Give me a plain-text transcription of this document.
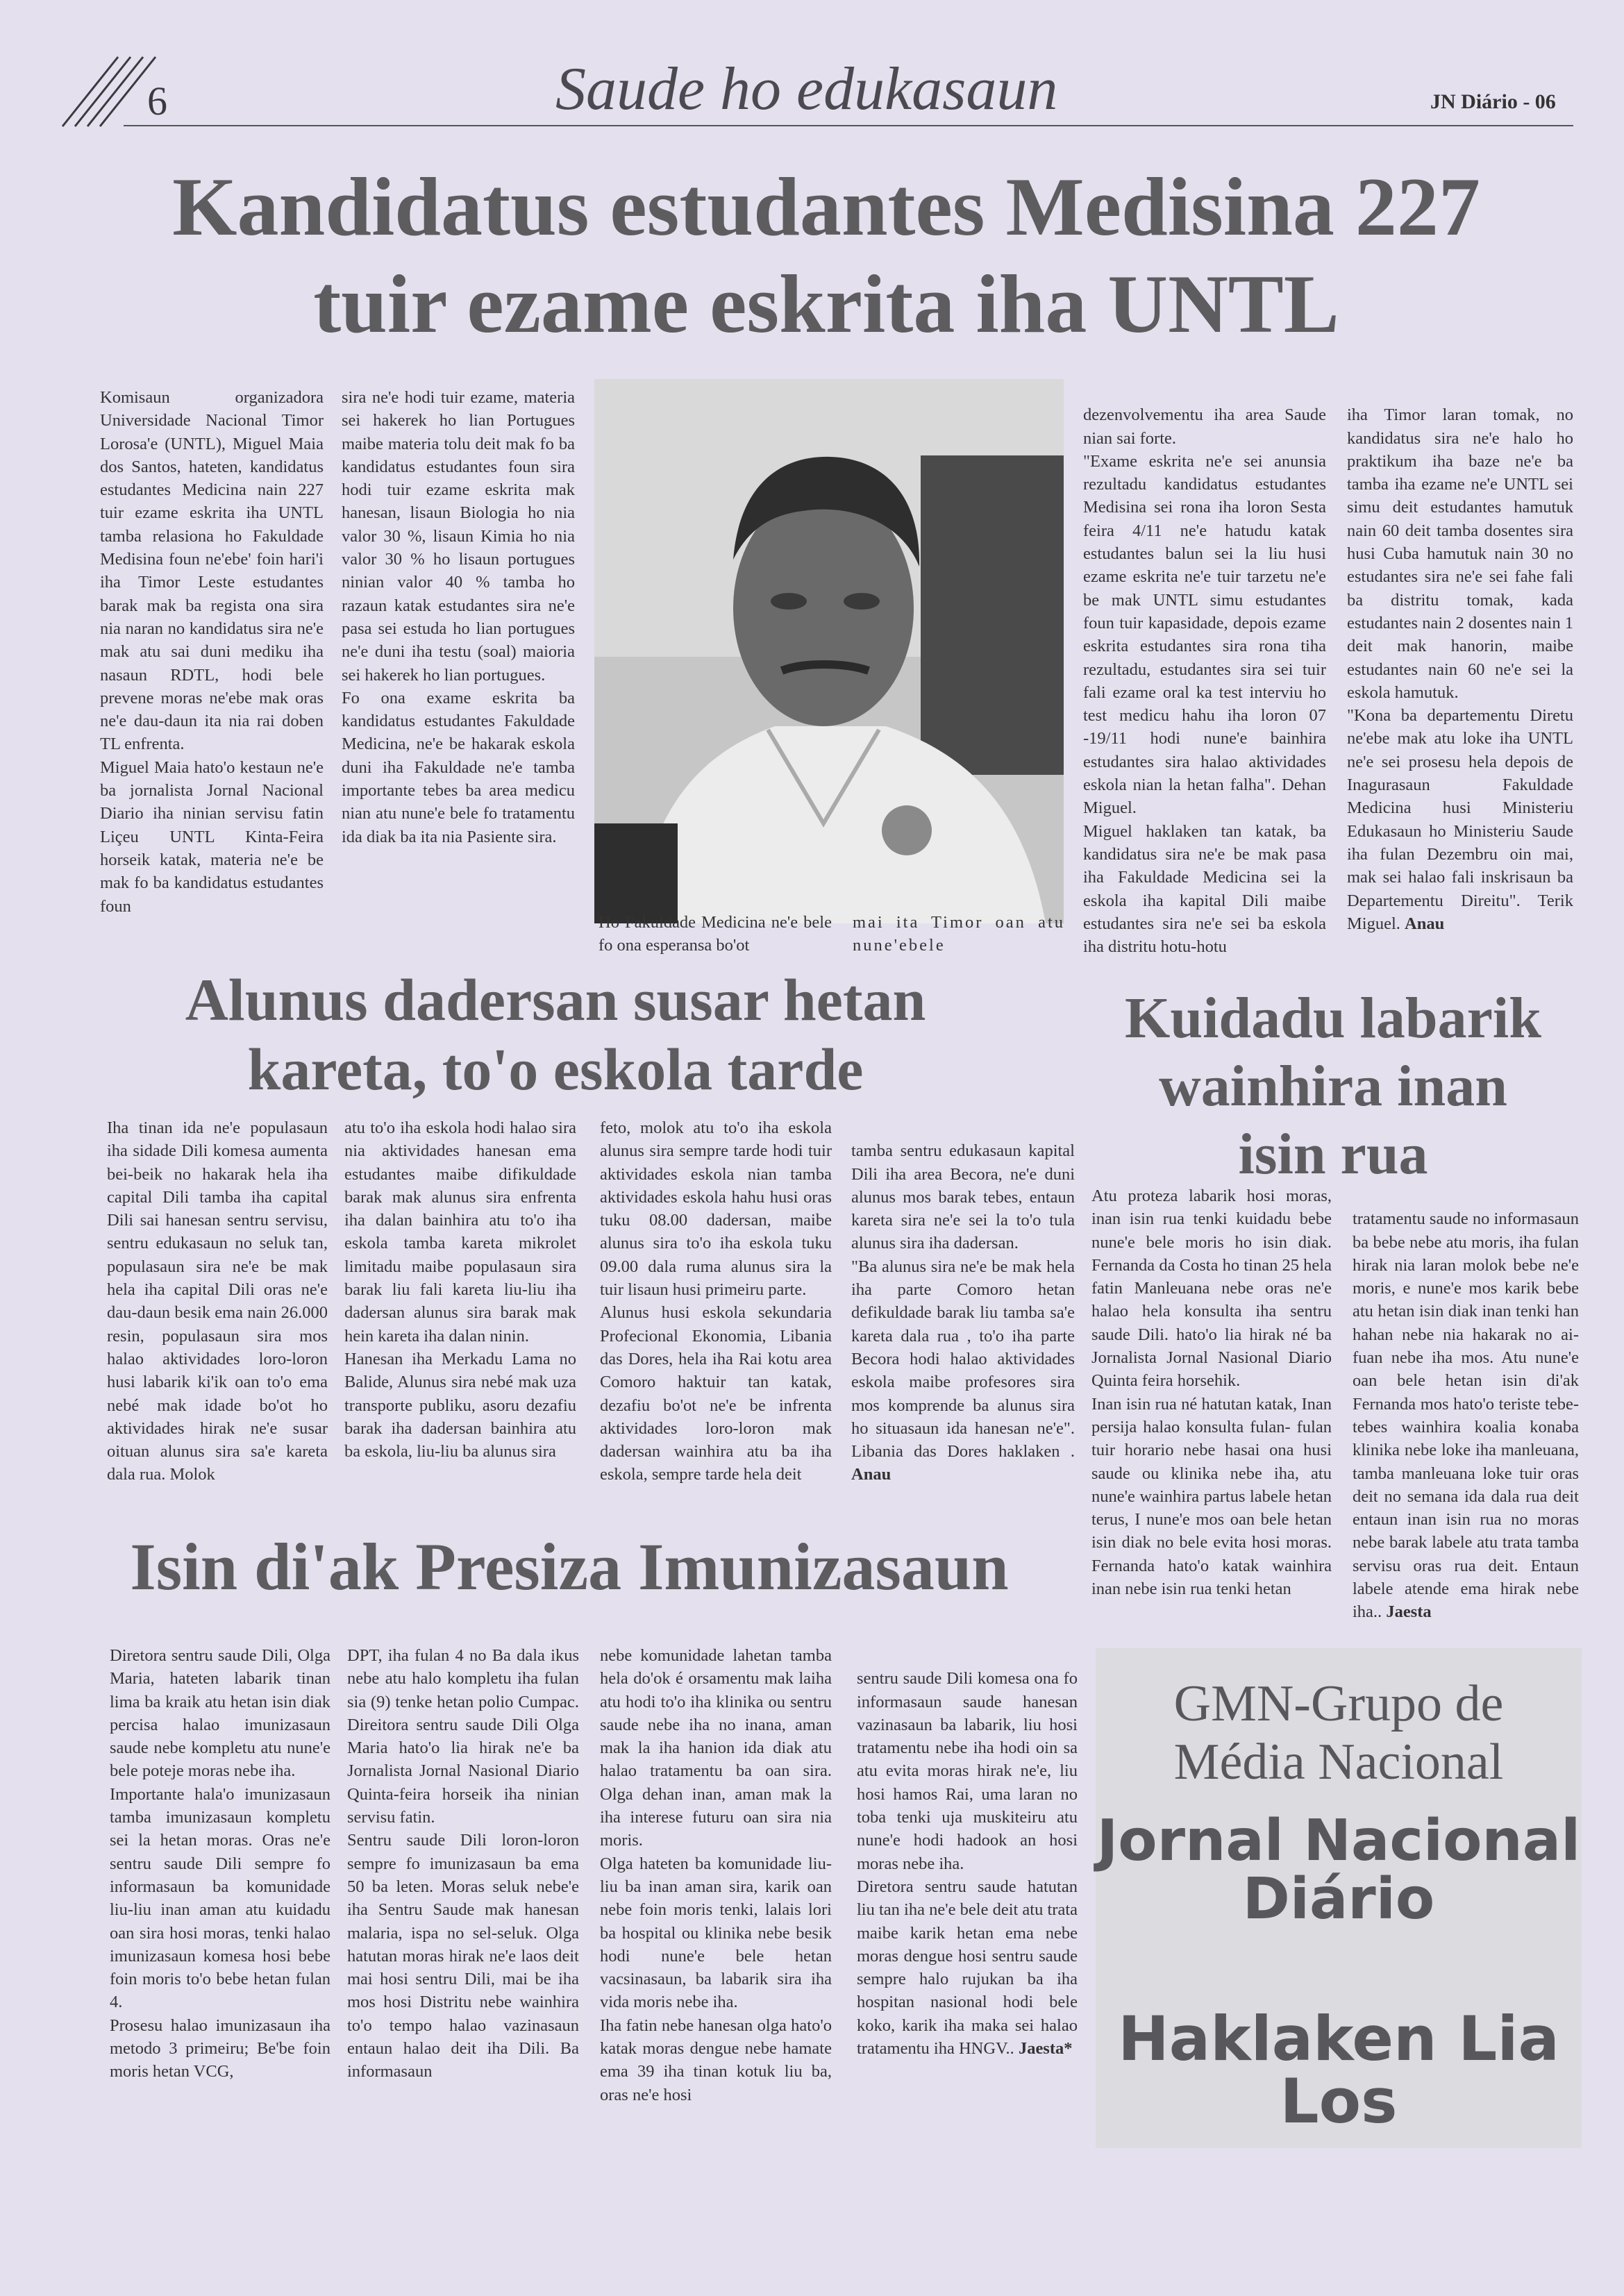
6	Saude ho edukasaun	JN Diário - 06
Kandidatus estudantes Medisina 227
tuir ezame eskrita iha UNTL
Komisaun organizadora Universidade Nacional Timor Lorosa'e (UNTL), Miguel Maia dos Santos, hateten, kandidatus estudantes Medicina nain 227 tuir ezame eskrita iha UNTL tamba relasiona ho Fakuldade Medisina foun ne'ebe' foin hari'i iha Timor Leste estudantes barak mak ba regista ona sira nia naran no kandidatus sira ne'e mak atu sai duni mediku iha nasaun RDTL, hodi bele prevene moras ne'ebe mak oras ne'e dau-daun ita nia rai doben TL enfrenta.
Miguel Maia hato'o kestaun ne'e ba jornalista Jornal Nacional Diario iha ninian servisu fatin Liçeu UNTL Kinta-Feira horseik katak, materia ne'e be mak fo ba kandidatus estudantes foun
sira ne'e hodi tuir ezame, materia sei hakerek ho lian Portugues maibe materia tolu deit mak fo ba kandidatus estudantes foun sira hodi tuir ezame eskrita mak hanesan, lisaun Biologia ho nia valor 30 %, lisaun Kimia ho nia valor 30 % ho lisaun portugues ninian valor 40 % tamba ho razaun katak estudantes sira ne'e pasa sei estuda ho lian portugues ne'e duni iha testu (soal) maioria sei hakerek ho lian portugues.
Fo ona exame eskrita ba kandidatus estudantes Fakuldade Medicina, ne'e be hakarak eskola duni iha Fakuldade ne'e tamba importante tebes ba area medicu nian atu nune'e bele fo tratamentu ida diak ba ita nia Pasiente sira.
Ho Fakuldade Medicina ne'e bele fo ona esperansa bo'ot
mai ita Timor oan atu nune'ebele

dezenvolvementu iha area Saude nian sai forte.
"Exame eskrita ne'e sei anunsia rezultadu kandidatus estudantes Medisina sei rona iha loron Sesta feira 4/11 ne'e hatudu katak estudantes balun sei la liu husi ezame eskrita ne'e tuir tarzetu ne'e be mak UNTL simu estudantes foun tuir kapasidade, depois ezame eskrita estudantes sira rona tiha rezultadu, estudantes sira sei tuir fali ezame oral ka test interviu ho test medicu hahu iha loron 07 -19/11 hodi nune'e bainhira estudantes sira halao aktividades eskola nian la hetan falha". Dehan Miguel.
Miguel haklaken tan katak, ba kandidatus sira ne'e be mak pasa iha Fakuldade Medicina sei la eskola iha kapital Dili maibe estudantes sira ne'e sei ba eskola iha distritu hotu-hotu

iha Timor laran tomak, no kandidatus sira ne'e halo ho praktikum iha baze ne'e ba tamba iha ezame ne'e UNTL sei simu deit estudantes hamutuk nain 60 deit tamba dosentes sira husi Cuba hamutuk nain 30 no estudantes sira ne'e sei fahe fali ba distritu tomak, kada estudantes nain 2 dosentes nain 1 deit mak hanorin, maibe estudantes nain 60 ne'e sei la eskola hamutuk.
"Kona ba departementu Diretu ne'ebe mak atu loke iha UNTL ne'e sei prosesu hela depois de Inagurasaun Fakuldade Medicina husi Ministeriu Edukasaun ho Ministeriu Saude iha fulan Dezembru oin mai, mak sei halao fali inskrisaun ba Departementu Direitu". Terik Miguel. Anau

Alunus dadersan susar hetan
kareta, to'o eskola tarde
Iha tinan ida ne'e populasaun iha sidade Dili komesa aumenta bei-beik no hakarak hela iha capital Dili tamba iha capital Dili sai hanesan sentru servisu, sentru edukasaun no seluk tan, populasaun sira ne'e be mak hela iha capital Dili oras ne'e dau-daun besik ema nain 26.000 resin, populasaun sira mos halao aktividades loro-loron husi labarik ki'ik oan to'o ema nebé mak idade bo'ot ho aktividades hirak ne'e susar oituan alunus sira sa'e kareta dala rua. Molok
atu to'o iha eskola hodi halao sira nia aktividades hanesan ema estudantes maibe difikuldade barak mak alunus sira enfrenta iha dalan bainhira atu to'o iha eskola tamba kareta mikrolet limitadu maibe populasaun sira barak liu fali kareta liu-liu iha dadersan alunus sira barak mak hein kareta iha dalan ninin.
Hanesan iha Merkadu Lama no Balide, Alunus sira nebé mak uza transporte publiku, asoru dezafiu barak iha dadersan bainhira atu ba eskola, liu-liu ba alunus sira
feto, molok atu to'o iha eskola alunus sira sempre tarde hodi tuir aktividades eskola nian tamba aktividades eskola hahu husi oras tuku 08.00 dadersan, maibe alunus sira to'o iha eskola tuku 09.00 dala ruma alunus sira la tuir lisaun husi primeiru parte.
Alunus husi eskola sekundaria Profecional Ekonomia, Libania das Dores, hela iha Rai kotu area Comoro haktuir tan katak, dezafiu bo'ot ne'e be infrenta aktividades loro-loron mak dadersan wainhira atu ba iha eskola, sempre tarde hela deit

tamba sentru edukasaun kapital Dili iha area Becora, ne'e duni alunus mos barak tebes, entaun kareta sira ne'e sei la to'o tula alunus sira iha dadersan.
"Ba alunus sira ne'e be mak hela iha parte Comoro hetan defikuldade barak liu tamba sa'e kareta dala rua , to'o iha parte Becora hodi halao aktividades eskola maibe profesores sira mos komprende ba alunus sira ho situasaun ida hanesan ne'e". Libania das Dores haklaken . Anau

Kuidadu labarik
wainhira inan
isin rua
Atu proteza labarik hosi moras, inan isin rua tenki kuidadu bebe nune'e bele moris ho isin diak. Fernanda da Costa ho tinan 25 hela fatin Manleuana nebe oras ne'e halao hela konsulta iha sentru saude Dili. hato'o lia hirak né ba Jornalista Jornal Nasional Diario Quinta feira horsehik.
Inan isin rua né hatutan katak, Inan persija halao konsulta fulan- fulan tuir horario nebe hasai ona husi saude ou klinika nebe iha, atu nune'e wainhira partus labele hetan terus, I nune'e mos oan bele hetan isin diak no bele evita hosi moras. Fernanda hato'o katak wainhira inan nebe isin rua tenki hetan

tratamentu saude no informasaun ba bebe nebe atu moris, iha fulan hirak nia laran molok bebe ne'e moris, e nune'e mos karik bebe atu hetan isin diak inan tenki han hahan nebe nia hakarak no ai-fuan nebe iha mos. Atu nune'e oan bele hetan isin di'ak Fernanda mos hato'o teriste tebe- tebes wainhira koalia konaba klinika nebe loke iha manleuana, tamba manleuana loke tuir oras deit no semana ida dala rua deit entaun inan isin rua no moras nebe barak labele atu trata tamba servisu oras rua deit. Entaun labele atende ema hirak nebe iha.. Jaesta

Isin di'ak Presiza Imunizasaun
Diretora sentru saude Dili, Olga Maria, hateten labarik tinan lima ba kraik atu hetan isin diak percisa halao imunizasaun saude nebe kompletu atu nune'e bele poteje moras nebe iha.
Importante hala'o imunizasaun tamba imunizasaun kompletu sei la hetan moras. Oras ne'e sentru saude Dili sempre fo informasaun ba komunidade liu-liu inan aman atu kuidadu oan sira hosi moras, tenki halao imunizasaun komesa hosi bebe foin moris to'o bebe hetan fulan 4.
Prosesu halao imunizasaun iha metodo 3 primeiru; Be'be foin moris hetan VCG,
DPT, iha fulan 4 no Ba dala ikus nebe atu halo kompletu iha fulan sia (9) tenke hetan polio Cumpac. Direitora sentru saude Dili Olga Maria hato'o lia hirak ne'e ba Jornalista Jornal Nasional Diario Quinta-feira horseik iha ninian servisu fatin.
Sentru saude Dili loron-loron sempre fo imunizasaun ba ema 50 ba leten. Moras seluk nebe'e iha Sentru Saude mak hanesan malaria, ispa no sel-seluk. Olga hatutan moras hirak ne'e laos deit mai hosi sentru Dili, mai be iha mos hosi Distritu nebe wainhira to'o tempo halao vazinasaun entaun halao deit iha Dili. Ba informasaun
nebe komunidade lahetan tamba hela do'ok é orsamentu mak laiha atu hodi to'o iha klinika ou sentru saude nebe iha no inana, aman mak la iha hanion ida diak atu halao tratamentu ba oan sira. Olga dehan inan, aman mak la iha interese futuru oan sira nia moris.
Olga hateten ba komunidade liu-liu ba inan aman sira, karik oan nebe foin moris tenki, lalais lori ba hospital ou klinika nebe besik hodi nune'e bele hetan vacsinasaun, ba labarik sira iha vida moris nebe iha.
Iha fatin nebe hanesan olga hato'o katak moras dengue nebe hamate ema 39 iha tinan kotuk liu ba, oras ne'e hosi

sentru saude Dili komesa ona fo informasaun saude hanesan vazinasaun ba labarik, liu hosi tratamentu nebe iha hodi oin sa atu evita moras hirak ne'e, liu hosi hamos Rai, uma laran no toba tenki uja muskiteiru atu nune'e hodi hadook an hosi moras nebe iha.
Diretora sentru saude hatutan liu tan iha ne'e bele deit atu trata maibe karik hetan ema nebe moras dengue hosi sentru saude sempre halo rujukan ba iha hospitan nasional hodi bele koko, karik iha maka sei halao tratamentu iha HNGV.. Jaesta*

GMN-Grupo de
Média Nacional
Jornal Nacional
Diário
Haklaken Lia
Los
